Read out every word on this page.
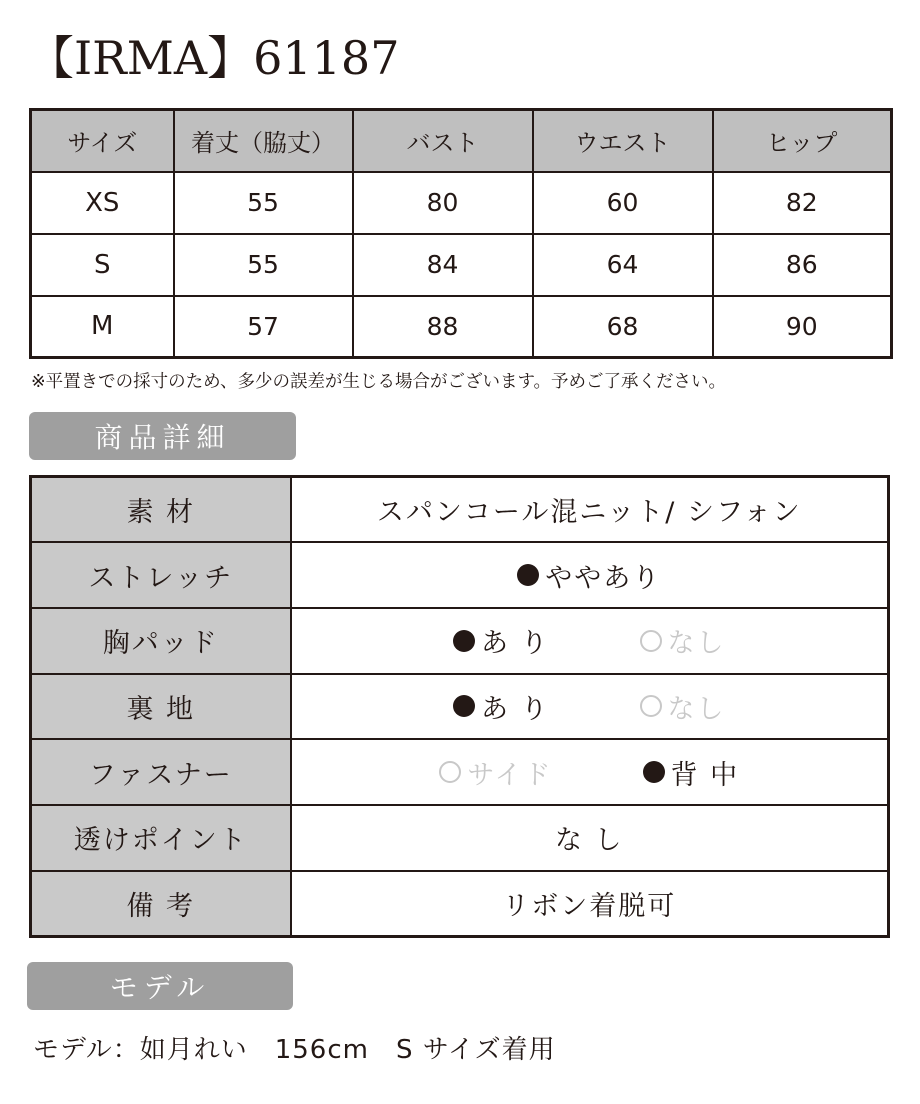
【IRMA】61187
サイズ	着丈（脇丈）	バスト	ウエスト	ヒップ
XS	55	80	60	82
S	55	84	64	86
M	57	88	68	90
※平置きでの採寸のため、多少の誤差が生じる場合がございます。予めご了承ください。
商品詳細
素 材	スパンコール混ニット/ シフォン
ストレッチ	ややあり

胸パッド	あ り なし

裏 地	あ り なし

ファスナー	サイド 背 中

透けポイント	な し
備 考	リボン着脱可
モデル
モデル：如月れい　156cm　S サイズ着用
